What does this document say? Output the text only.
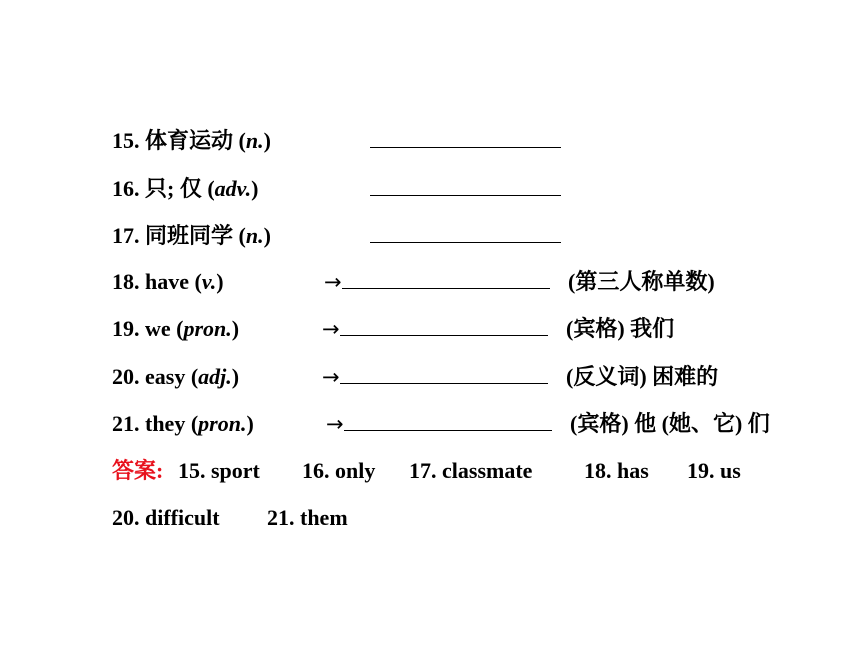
15. 体育运动 (n.)
16. 只; 仅 (adv.)
17. 同班同学 (n.)
18. have (v.)	→	(第三人称单数)
19. we (pron.)	→	(宾格) 我们
20. easy (adj.)	→	(反义词) 困难的
21. they (pron.)	→	(宾格) 他 (她、它) 们
答案: 15. sport 16. only 17. classmate 18. has 19. us
20. difficult 21. them
